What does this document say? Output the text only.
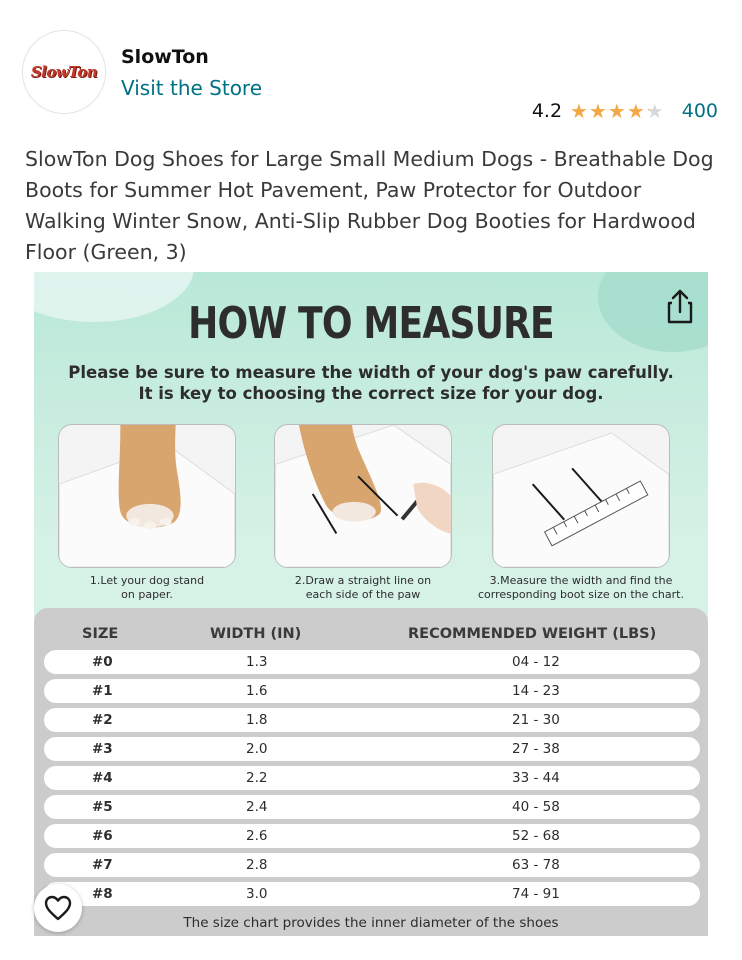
SlowTon
SlowTon
Visit the Store
4.2 ★ ★ ★ ★ ★ 400
SlowTon Dog Shoes for Large Small Medium Dogs - Breathable Dog Boots for Summer Hot Pavement, Paw Protector for Outdoor Walking Winter Snow, Anti-Slip Rubber Dog Booties for Hardwood Floor (Green, 3)
HOW TO MEASURE
Please be sure to measure the width of your dog's paw carefully.
It is key to choosing the correct size for your dog.
1.Let your dog stand
on paper.
2.Draw a straight line on
each side of the paw
3.Measure the width and find the
corresponding boot size on the chart.
SIZE	WIDTH (IN)	RECOMMENDED WEIGHT (LBS)
#0	1.3	04 - 12
#1	1.6	14 - 23
#2	1.8	21 - 30
#3	2.0	27 - 38
#4	2.2	33 - 44
#5	2.4	40 - 58
#6	2.6	52 - 68
#7	2.8	63 - 78
#8	3.0	74 - 91
The size chart provides the inner diameter of the shoes
